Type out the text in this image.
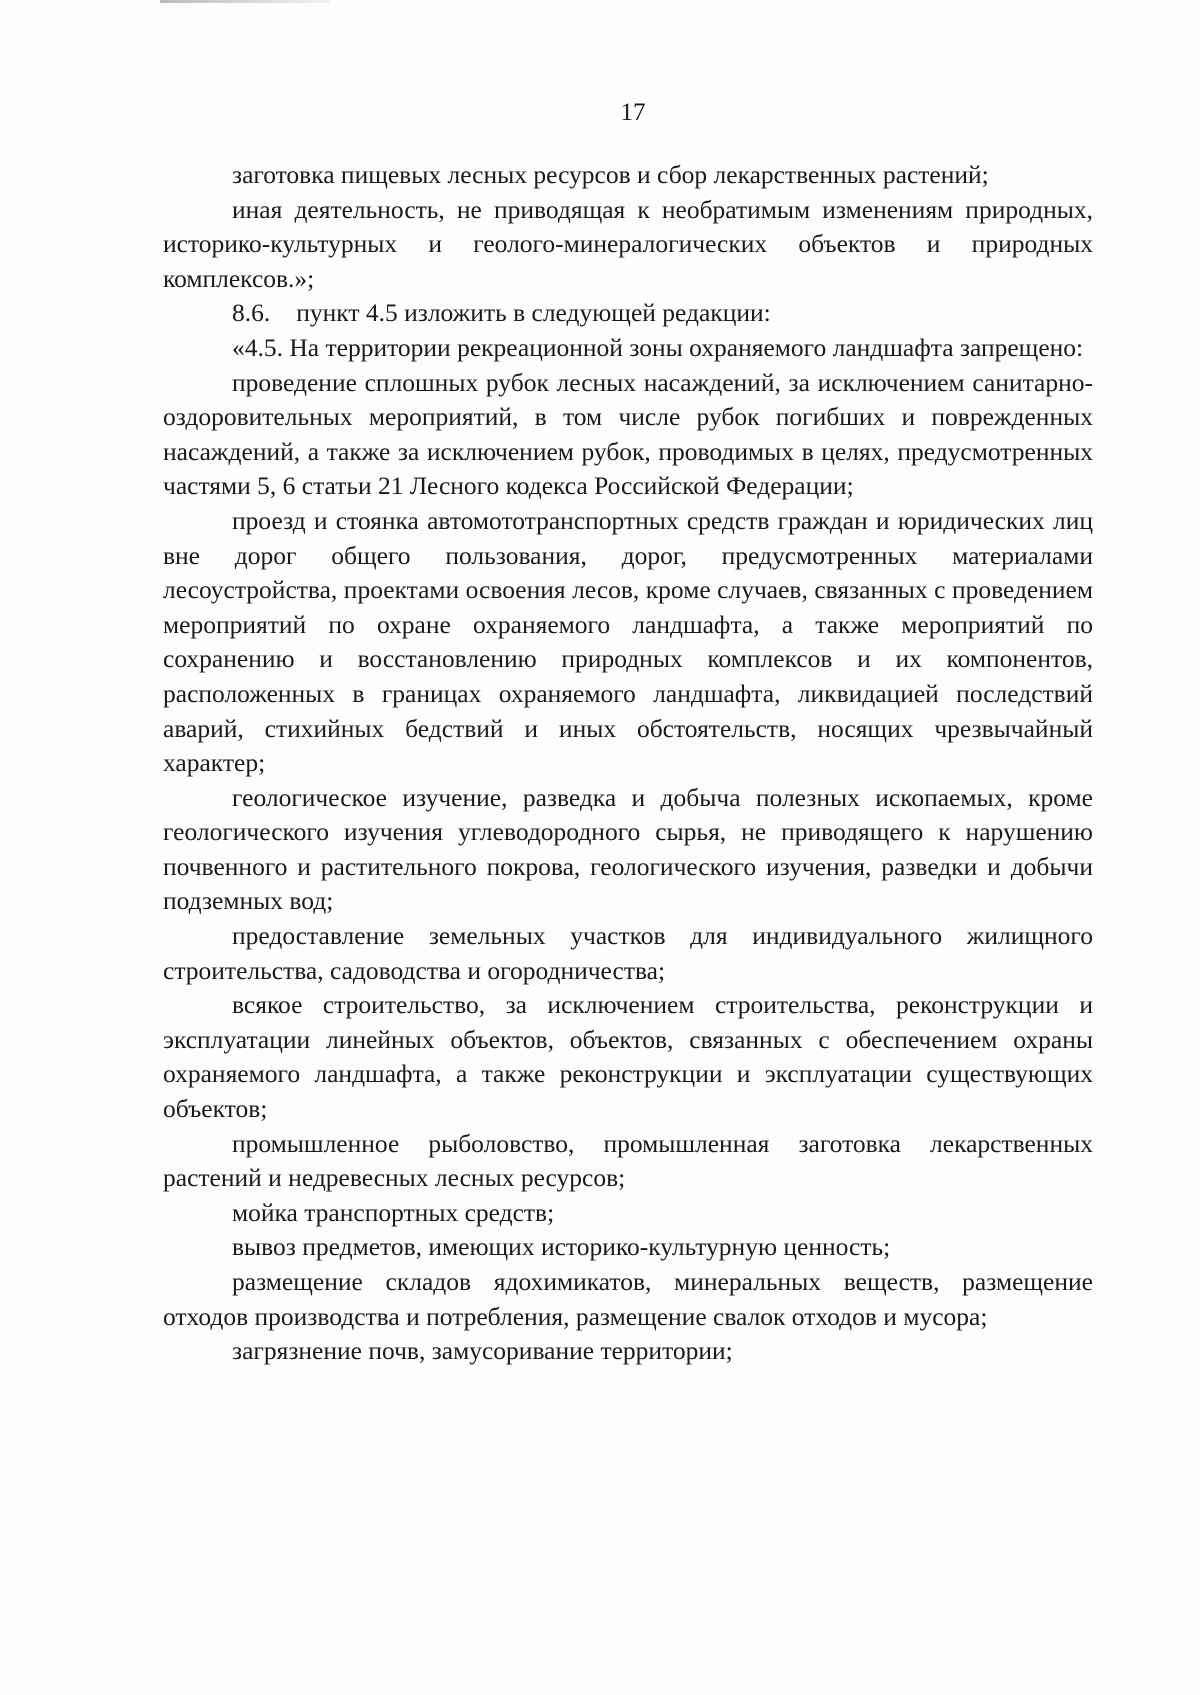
17

заготовка пищевых лесных ресурсов и сбор лекарственных растений;

иная деятельность, не приводящая к необратимым изменениям природных, историко-культурных и геолого-минералогических объектов и природных комплексов.»;

8.6. пункт 4.5 изложить в следующей редакции:

«4.5. На территории рекреационной зоны охраняемого ландшафта запрещено:

проведение сплошных рубок лесных насаждений, за исключением санитарно-оздоровительных мероприятий, в том числе рубок погибших и поврежденных насаждений, а также за исключением рубок, проводимых в целях, предусмотренных частями 5, 6 статьи 21 Лесного кодекса Российской Федерации;

проезд и стоянка автомототранспортных средств граждан и юридических лиц вне дорог общего пользования, дорог, предусмотренных материалами лесоустройства, проектами освоения лесов, кроме случаев, связанных с проведением мероприятий по охране охраняемого ландшафта, а также мероприятий по сохранению и восстановлению природных комплексов и их компонентов, расположенных в границах охраняемого ландшафта, ликвидацией последствий аварий, стихийных бедствий и иных обстоятельств, носящих чрезвычайный характер;

геологическое изучение, разведка и добыча полезных ископаемых, кроме геологического изучения углеводородного сырья, не приводящего к нарушению почвенного и растительного покрова, геологического изучения, разведки и добычи подземных вод;

предоставление земельных участков для индивидуального жилищного строительства, садоводства и огородничества;

всякое строительство, за исключением строительства, реконструкции и эксплуатации линейных объектов, объектов, связанных с обеспечением охраны охраняемого ландшафта, а также реконструкции и эксплуатации существующих объектов;

промышленное рыболовство, промышленная заготовка лекарственных растений и недревесных лесных ресурсов;

мойка транспортных средств;

вывоз предметов, имеющих историко-культурную ценность;

размещение складов ядохимикатов, минеральных веществ, размещение отходов производства и потребления, размещение свалок отходов и мусора;

загрязнение почв, замусоривание территории;
